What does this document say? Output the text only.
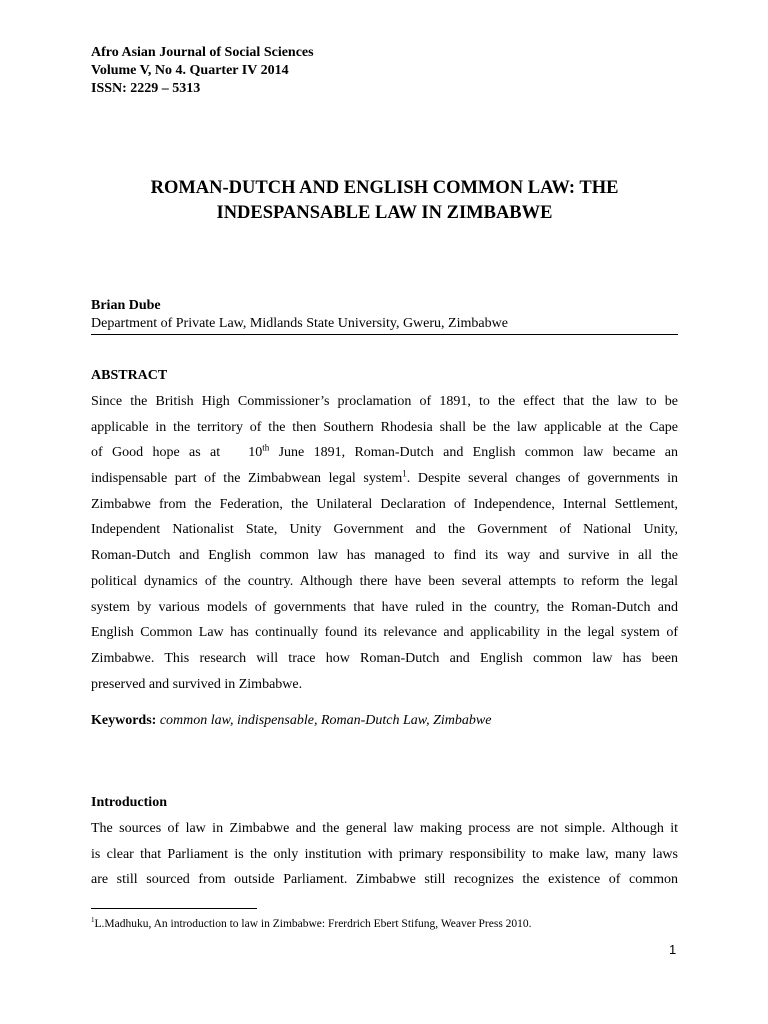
Afro Asian Journal of Social Sciences
Volume V, No 4. Quarter IV 2014
ISSN: 2229 – 5313
ROMAN-DUTCH AND ENGLISH COMMON LAW: THE
INDESPANSABLE LAW IN ZIMBABWE
Brian Dube
Department of Private Law, Midlands State University, Gweru, Zimbabwe
ABSTRACT
Since the British High Commissioner’s proclamation of 1891, to the effect that the law to be
applicable in the territory of the then Southern Rhodesia shall be the law applicable at the Cape
of Good hope as at 10th June 1891, Roman-Dutch and English common law became an
indispensable part of the Zimbabwean legal system$^1$. Despite several changes of governments in
Zimbabwe from the Federation, the Unilateral Declaration of Independence, Internal Settlement,
Independent Nationalist State, Unity Government and the Government of National Unity,
Roman-Dutch and English common law has managed to find its way and survive in all the
political dynamics of the country. Although there have been several attempts to reform the legal
system by various models of governments that have ruled in the country, the Roman-Dutch and
English Common Law has continually found its relevance and applicability in the legal system of
Zimbabwe. This research will trace how Roman-Dutch and English common law has been
preserved and survived in Zimbabwe.
Keywords: common law, indispensable, Roman-Dutch Law, Zimbabwe
Introduction
The sources of law in Zimbabwe and the general law making process are not simple. Although it
is clear that Parliament is the only institution with primary responsibility to make law, many laws
are still sourced from outside Parliament. Zimbabwe still recognizes the existence of common
$^1$L.Madhuku, An introduction to law in Zimbabwe: Frerdrich Ebert Stifung, Weaver Press 2010.
1
